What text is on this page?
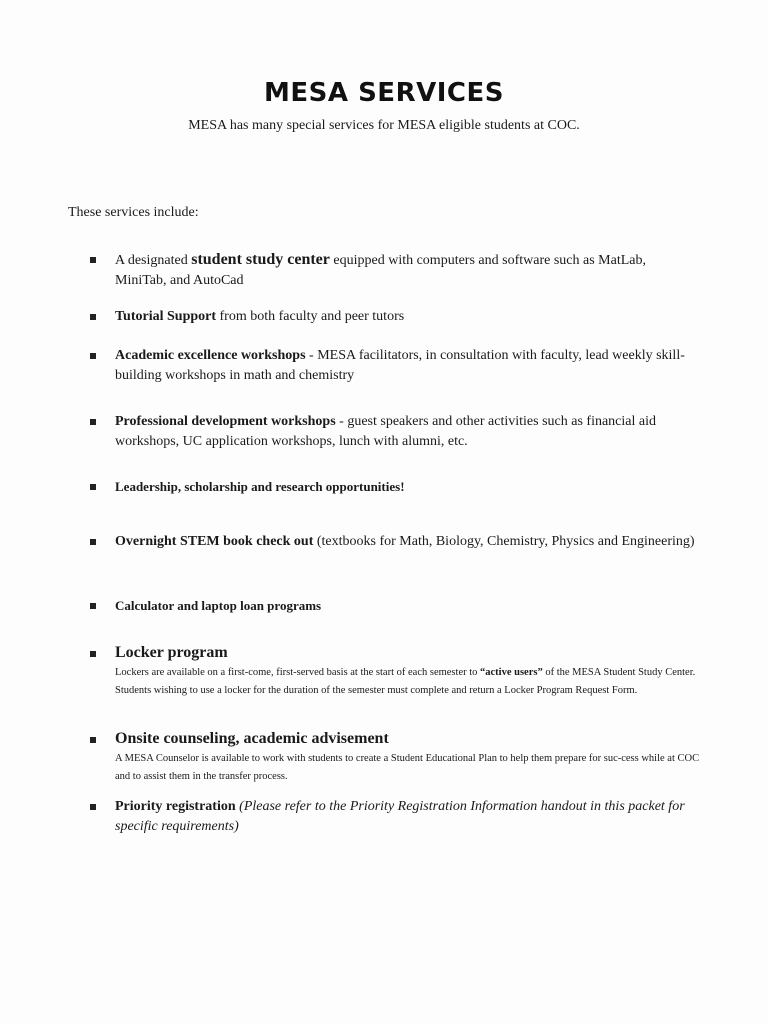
MESA SERVICES
MESA has many special services for MESA eligible students at COC.
These services include:
A designated student study center equipped with computers and software such as MatLab, MiniTab, and AutoCad
Tutorial Support from both faculty and peer tutors
Academic excellence workshops - MESA facilitators, in consultation with faculty, lead weekly skill-building workshops in math and chemistry
Professional development workshops - guest speakers and other activities such as financial aid workshops, UC application workshops, lunch with alumni, etc.
Leadership, scholarship and research opportunities!
Overnight STEM book check out (textbooks for Math, Biology, Chemistry, Physics and Engineering)
Calculator and laptop loan programs
Locker program
Lockers are available on a first-come, first-served basis at the start of each semester to “active users” of the MESA Student Study Center. Students wishing to use a locker for the duration of the semester must complete and return a Locker Program Request Form.
Onsite counseling, academic advisement
A MESA Counselor is available to work with students to create a Student Educational Plan to help them prepare for suc-cess while at COC and to assist them in the transfer process.
Priority registration (Please refer to the Priority Registration Information handout in this packet for specific requirements)
